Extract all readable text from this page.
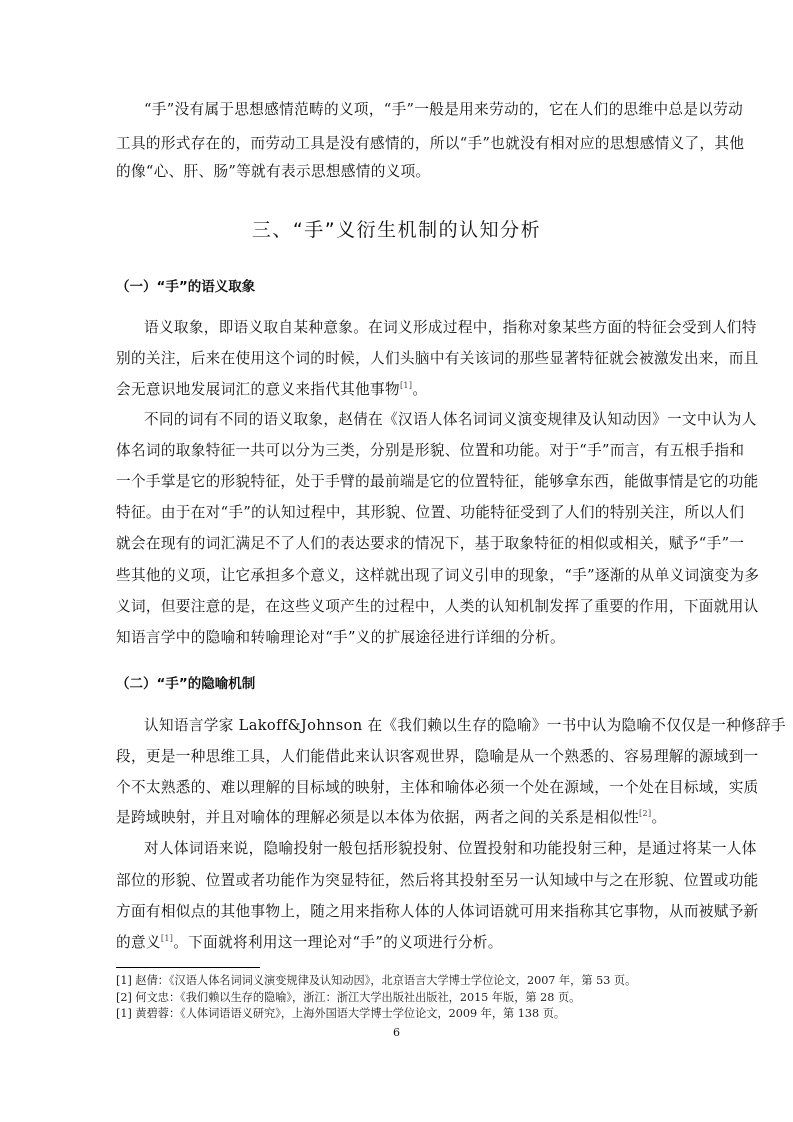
“手”没有属于思想感情范畴的义项，“手”一般是用来劳动的，它在人们的思维中总是以劳动
工具的形式存在的，而劳动工具是没有感情的，所以“手”也就没有相对应的思想感情义了，其他
的像“心、肝、肠”等就有表示思想感情的义项。
三、“手”义衍生机制的认知分析
（一）“手”的语义取象
语义取象，即语义取自某种意象。在词义形成过程中，指称对象某些方面的特征会受到人们特
别的关注，后来在使用这个词的时候，人们头脑中有关该词的那些显著特征就会被激发出来，而且
会无意识地发展词汇的意义来指代其他事物[1]。
不同的词有不同的语义取象，赵倩在《汉语人体名词词义演变规律及认知动因》一文中认为人
体名词的取象特征一共可以分为三类，分别是形貌、位置和功能。对于“手”而言，有五根手指和
一个手掌是它的形貌特征，处于手臂的最前端是它的位置特征，能够拿东西，能做事情是它的功能
特征。由于在对“手”的认知过程中，其形貌、位置、功能特征受到了人们的特别关注，所以人们
就会在现有的词汇满足不了人们的表达要求的情况下，基于取象特征的相似或相关，赋予“手”一
些其他的义项，让它承担多个意义，这样就出现了词义引申的现象，“手”逐渐的从单义词演变为多
义词，但要注意的是，在这些义项产生的过程中，人类的认知机制发挥了重要的作用，下面就用认
知语言学中的隐喻和转喻理论对“手”义的扩展途径进行详细的分析。
（二）“手”的隐喻机制
认知语言学家 Lakoff&Johnson 在《我们赖以生存的隐喻》一书中认为隐喻不仅仅是一种修辞手
段，更是一种思维工具，人们能借此来认识客观世界，隐喻是从一个熟悉的、容易理解的源域到一
个不太熟悉的、难以理解的目标域的映射，主体和喻体必须一个处在源域，一个处在目标域，实质
是跨域映射，并且对喻体的理解必须是以本体为依据，两者之间的关系是相似性[2]。
对人体词语来说，隐喻投射一般包括形貌投射、位置投射和功能投射三种，是通过将某一人体
部位的形貌、位置或者功能作为突显特征，然后将其投射至另一认知域中与之在形貌、位置或功能
方面有相似点的其他事物上，随之用来指称人体的人体词语就可用来指称其它事物，从而被赋予新
的意义[1]。下面就将利用这一理论对“手”的义项进行分析。
[1] 赵倩：《汉语人体名词词义演变规律及认知动因》，北京语言大学博士学位论文，2007 年，第 53 页。
[2] 何文忠：《我们赖以生存的隐喻》，浙江：浙江大学出版社出版社，2015 年版，第 28 页。
[1] 黄碧蓉：《人体词语语义研究》，上海外国语大学博士学位论文，2009 年，第 138 页。
6
